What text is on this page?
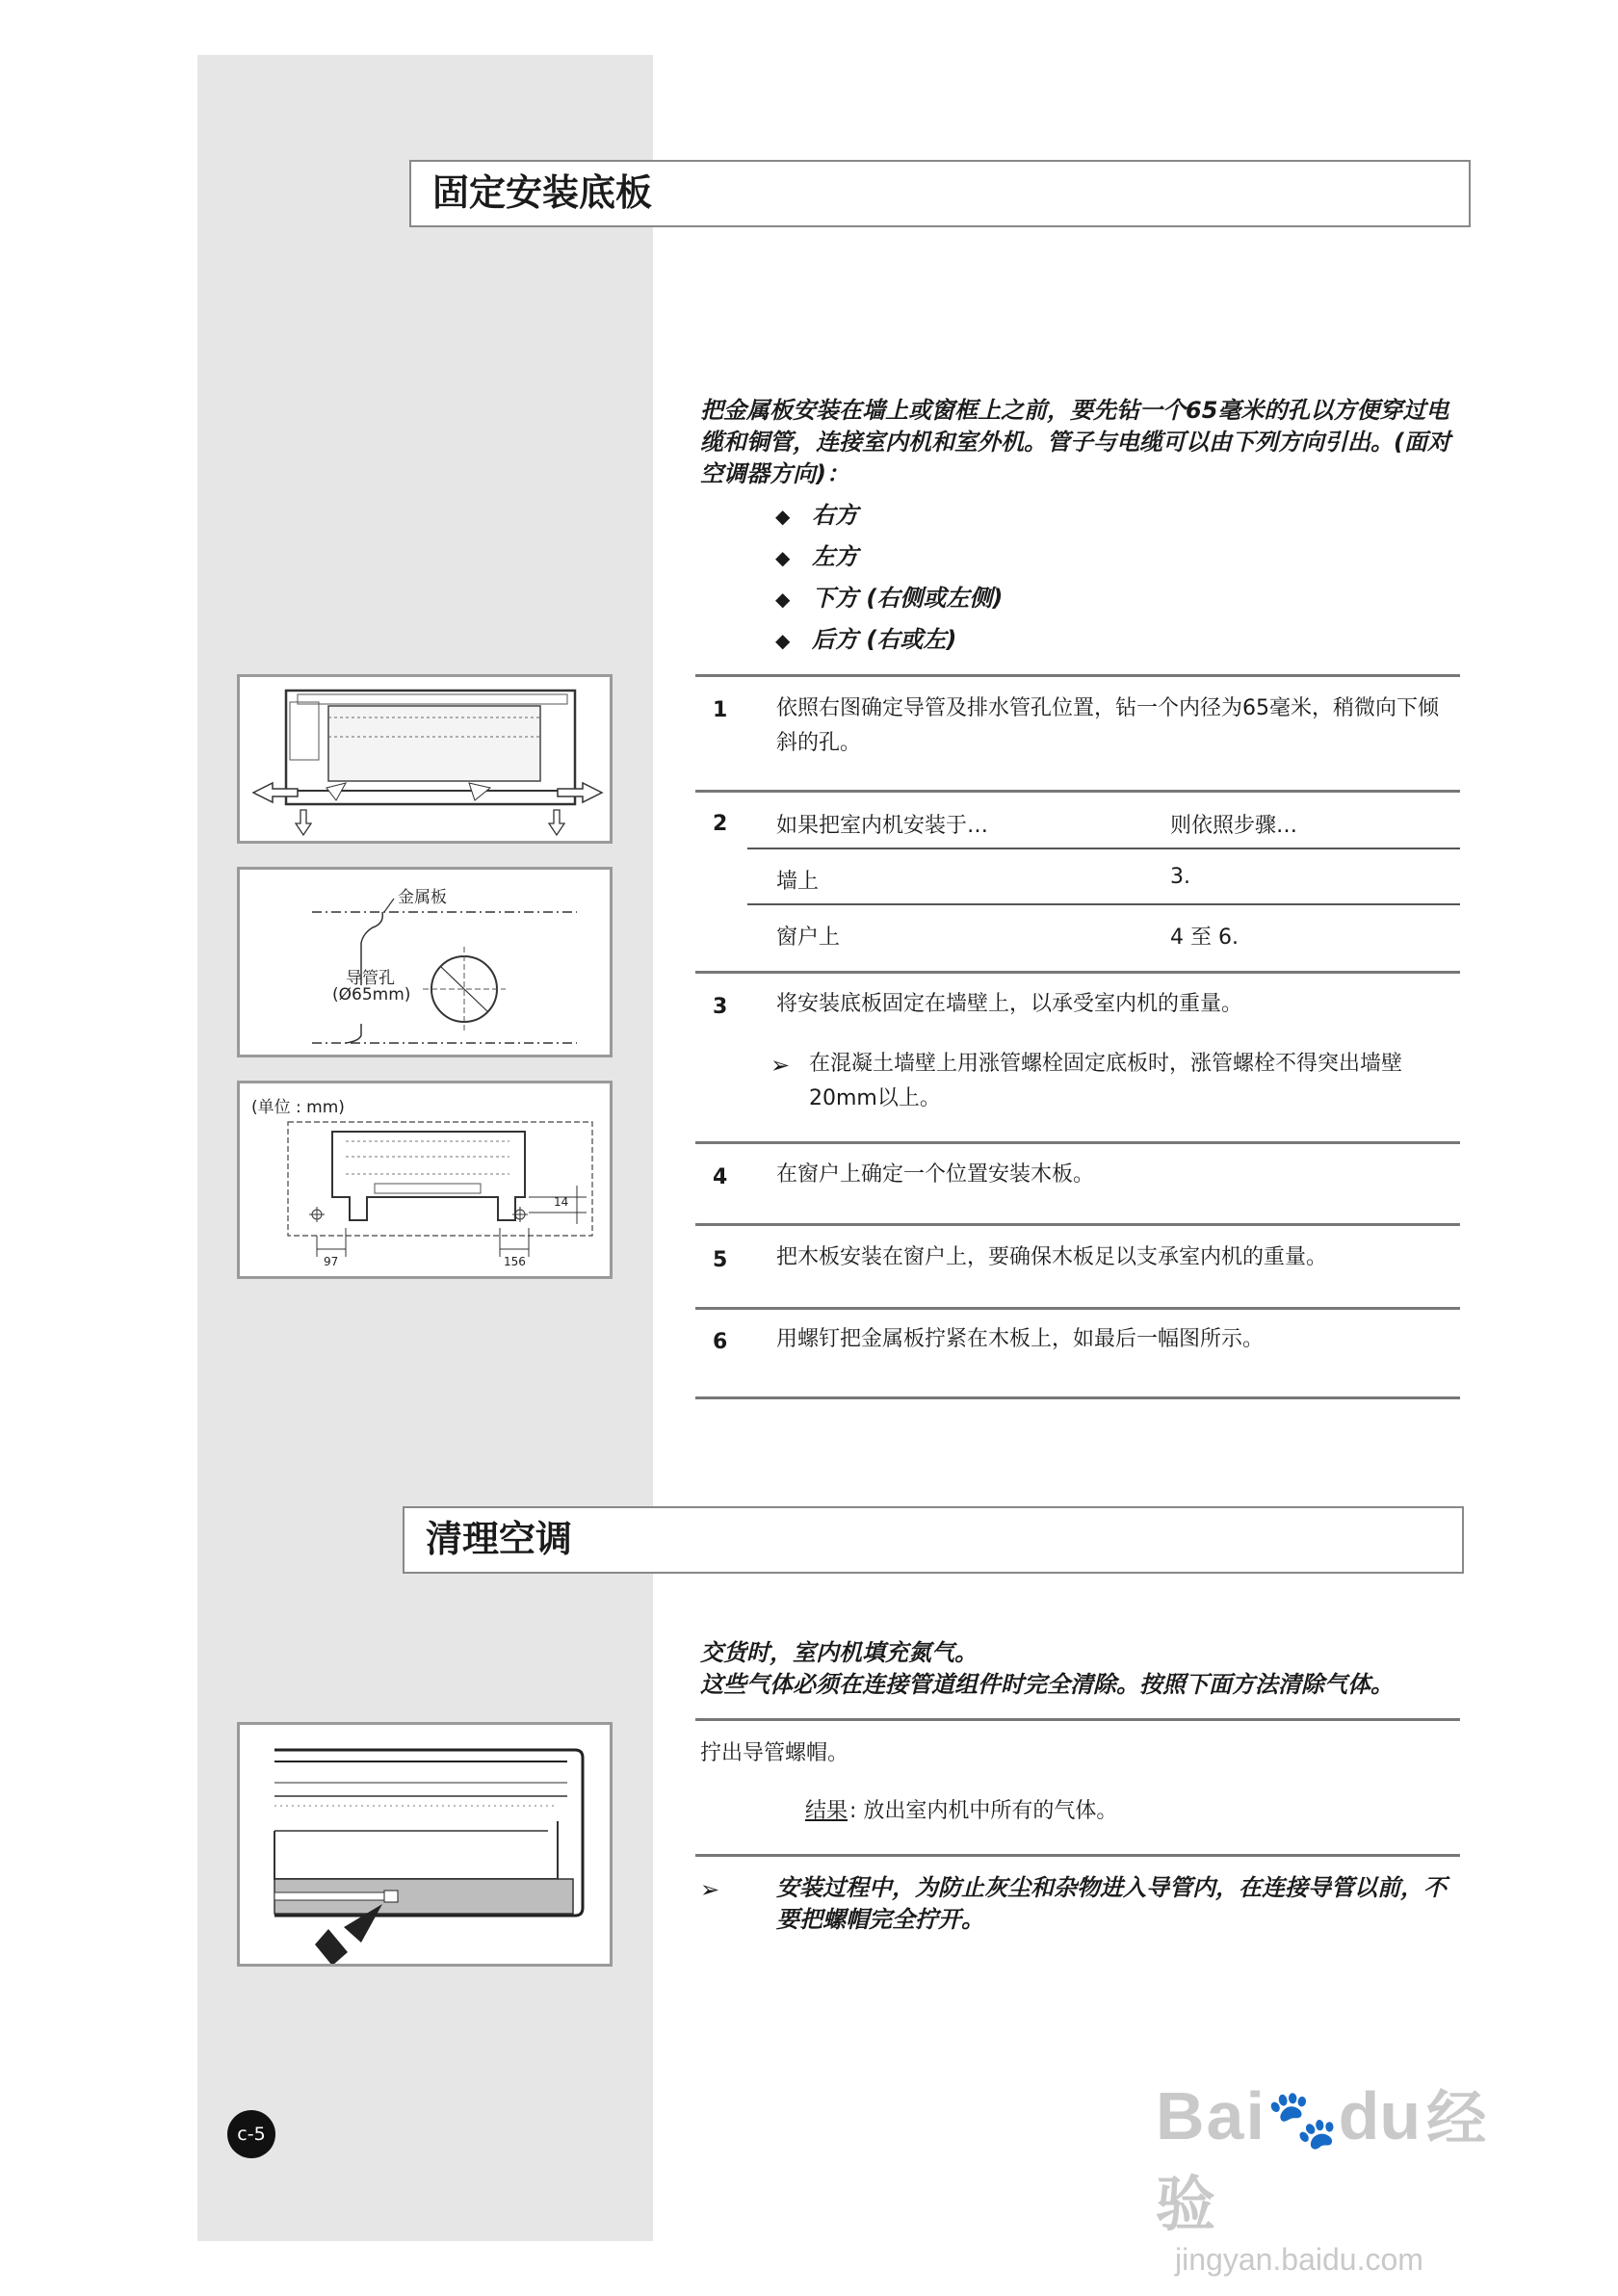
固定安装底板
把金属板安装在墙上或窗框上之前，要先钻一个65毫米的孔以方便穿过电缆和铜管，连接室内机和室外机。管子与电缆可以由下列方向引出。(面对空调器方向)：
◆ 右方
◆ 左方
◆ 下方 (右侧或左侧)
◆ 后方 (右或左)
1 依照右图确定导管及排水管孔位置，钻一个内径为65毫米，稍微向下倾斜的孔。
2 如果把室内机安装于…	则依照步骤…
墙上	3.
窗户上	4 至 6.
3 将安装底板固定在墙壁上，以承受室内机的重量。
➢ 在混凝土墙壁上用涨管螺栓固定底板时，涨管螺栓不得突出墙壁20mm以上。
4 在窗户上确定一个位置安装木板。
5 把木板安装在窗户上，要确保木板足以支承室内机的重量。
6 用螺钉把金属板拧紧在木板上，如最后一幅图所示。
金属板
导管孔
(Ø65mm)
(单位 : mm)
14
97	156
清理空调
交货时，室内机填充氮气。
这些气体必须在连接管道组件时完全清除。按照下面方法清除气体。
拧出导管螺帽。
结果 : 放出室内机中所有的气体。
➢ 安装过程中，为防止灰尘和杂物进入导管内，在连接导管以前，不要把螺帽完全拧开。
c-5	Bai🐾du经验
jingyan.baidu.com
